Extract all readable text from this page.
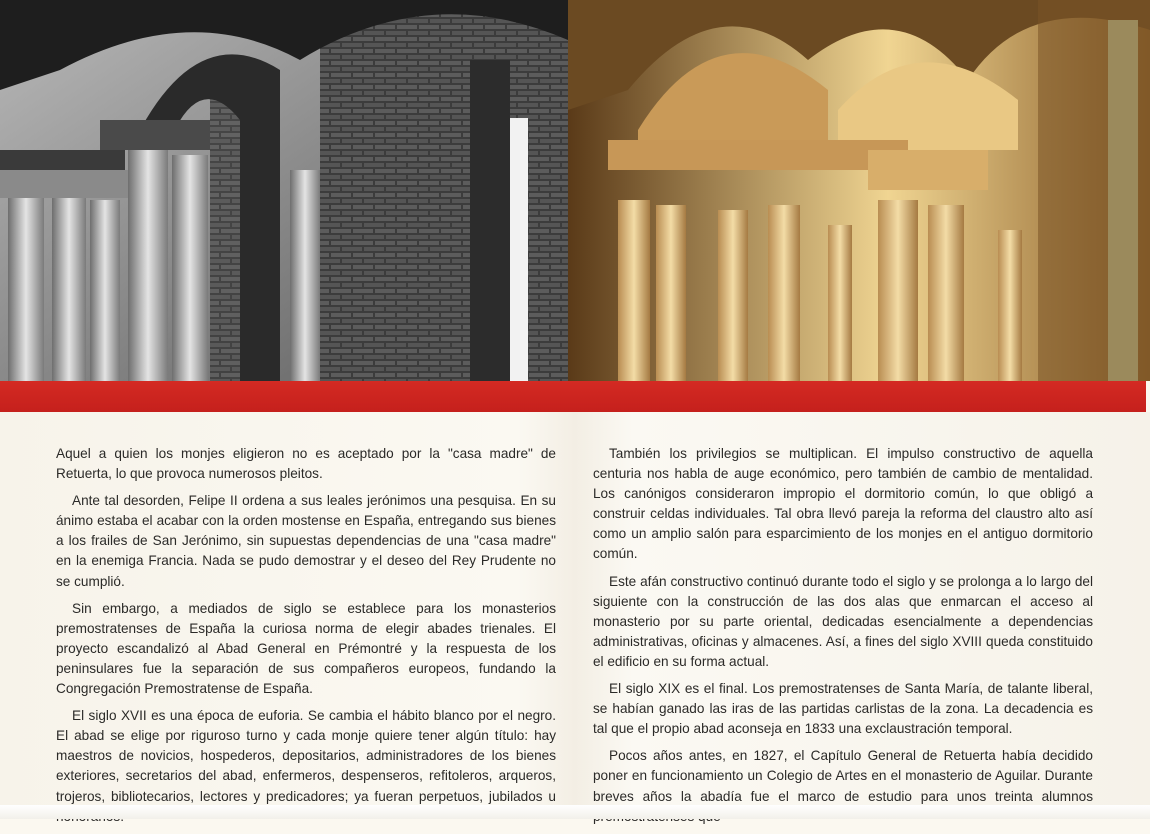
Aquel a quien los monjes eligieron no es aceptado por la "casa madre" de Retuerta, lo que provoca numerosos pleitos.

Ante tal desorden, Felipe II ordena a sus leales jerónimos una pesquisa. En su ánimo estaba el acabar con la orden mostense en España, entregando sus bienes a los frailes de San Jerónimo, sin supuestas dependencias de una "casa madre" en la enemiga Francia. Nada se pudo demostrar y el deseo del Rey Prudente no se cumplió.

Sin embargo, a mediados de siglo se establece para los monasterios premostratenses de España la curiosa norma de elegir abades trienales. El proyecto escandalizó al Abad General en Prémontré y la respuesta de los peninsulares fue la separación de sus compañeros europeos, fundando la Congregación Premostratense de España.

El siglo XVII es una época de euforia. Se cambia el hábito blanco por el negro. El abad se elige por riguroso turno y cada monje quiere tener algún título: hay maestros de novicios, hospederos, depositarios, administradores de los bienes exteriores, secretarios del abad, enfermeros, despenseros, refitoleros, arqueros, trojeros, bibliotecarios, lectores y predicadores; ya fueran perpetuos, jubilados u

También los privilegios se multiplican. El impulso constructivo de aquella centuria nos habla de auge económico, pero también de cambio de mentalidad. Los canónigos consideraron impropio el dormitorio común, lo que obligó a construir celdas individuales. Tal obra llevó pareja la reforma del claustro alto así como un amplio salón para esparcimiento de los monjes en el antiguo dormitorio común.

Este afán constructivo continuó durante todo el siglo y se prolonga a lo largo del siguiente con la construcción de las dos alas que enmarcan el acceso al monasterio por su parte oriental, dedicadas esencialmente a dependencias administrativas, oficinas y almacenes. Así, a fines del siglo XVIII queda constituido el edificio en su forma actual.

El siglo XIX es el final. Los premostratenses de Santa María, de talante liberal, se habían ganado las iras de las partidas carlistas de la zona. La decadencia es tal que el propio abad aconseja en 1833 una exclaustración temporal.

Pocos años antes, en 1827, el Capítulo General de Retuerta había decidido poner en funcionamiento un Colegio de Artes en el monasterio de Aguilar. Durante breves años la abadía fue el marco de estudio para unos treinta alumnos
